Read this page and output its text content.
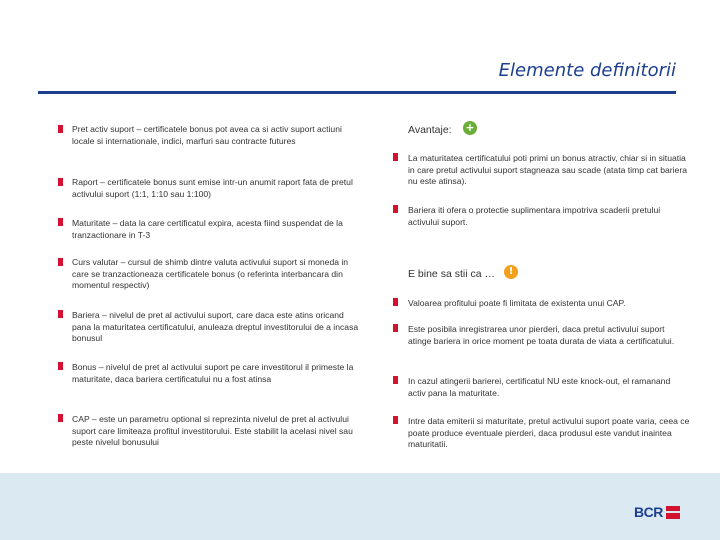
Elemente definitorii
Pret activ suport – certificatele bonus pot avea ca si activ suport actiuni locale si internationale, indici, marfuri sau contracte futures
Raport – certificatele bonus sunt emise intr-un anumit raport fata de pretul activului suport (1:1, 1:10 sau 1:100)
Maturitate – data la care certificatul expira, acesta fiind suspendat de la tranzactionare in T-3
Curs valutar – cursul de shimb dintre valuta activului suport si moneda in care se tranzactioneaza certificatele bonus (o referinta interbancara din momentul respectiv)
Bariera – nivelul de pret al activului suport, care daca este atins oricand pana la maturitatea certificatului, anuleaza dreptul investitorului de a incasa bonusul
Bonus – nivelul de pret al activului suport pe care investitorul il primeste la maturitate, daca bariera certificatului nu a fost atinsa
CAP – este un parametru optional si reprezinta nivelul de pret al activului suport care limiteaza profitul investitorului. Este stabilit la acelasi nivel sau peste nivelul bonusului
Avantaje: +
La maturitatea certificatului poti primi un bonus atractiv, chiar si in situatia in care pretul activului suport stagneaza sau scade (atata timp cat bariera nu este atinsa).
Bariera iti ofera o protectie suplimentara impotriva scaderii pretului activului suport.
E bine sa stii ca …	!
Valoarea profitului poate fi limitata de existenta unui CAP.
Este posibila inregistrarea unor pierderi, daca pretul activului suport atinge bariera in orice moment pe toata durata de viata a certificatului.
In cazul atingerii barierei, certificatul NU este knock-out, el ramanand activ pana la maturitate.
Intre data emiterii si maturitate, pretul activului suport poate varia, ceea ce poate produce eventuale pierderi, daca produsul este vandut inaintea maturitatii.
BCR
